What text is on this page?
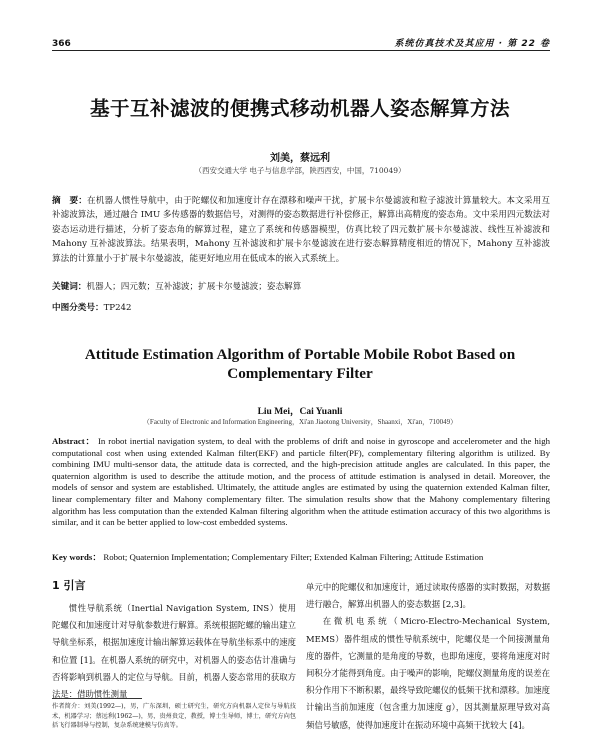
366	系统仿真技术及其应用 · 第 22 卷
基于互补滤波的便携式移动机器人姿态解算方法
刘美，蔡远利
（西安交通大学 电子与信息学部，陕西西安，中国，710049）
摘　要：在机器人惯性导航中，由于陀螺仪和加速度计存在漂移和噪声干扰，扩展卡尔曼滤波和粒子滤波计算量较大。本文采用互补滤波算法，通过融合 IMU 多传感器的数据信号，对测得的姿态数据进行补偿修正，解算出高精度的姿态角。文中采用四元数法对姿态运动进行描述，分析了姿态角的解算过程，建立了系统和传感器模型，仿真比较了四元数扩展卡尔曼滤波、线性互补滤波和 Mahony 互补滤波算法。结果表明，Mahony 互补滤波和扩展卡尔曼滤波在进行姿态解算精度相近的情况下，Mahony 互补滤波算法的计算量小于扩展卡尔曼滤波，能更好地应用在低成本的嵌入式系统上。
关键词：机器人；四元数；互补滤波；扩展卡尔曼滤波；姿态解算
中图分类号：TP242
Attitude Estimation Algorithm of Portable Mobile Robot Based on Complementary Filter
Liu Mei，Cai Yuanli
（Faculty of Electronic and Information Engineering，Xi'an Jiaotong University，Shaanxi，Xi'an，710049）
Abstract： In robot inertial navigation system, to deal with the problems of drift and noise in gyroscope and accelerometer and the high computational cost when using extended Kalman filter(EKF) and particle filter(PF), complementary filtering algorithm is utilized. By combining IMU multi-sensor data, the attitude data is corrected, and the high-precision attitude angles are calculated. In this paper, the quaternion algorithm is used to describe the attitude motion, and the process of attitude estimation is analysed in detail. Moreover, the models of sensor and system are established. Ultimately, the attitude angles are estimated by using the quaternion extended Kalman filter, linear complementary filter and Mahony complementary filter. The simulation results show that the Mahony complementary filtering algorithm has less computation than the extended Kalman filtering algorithm when the attitude estimation accuracy of this two algorithms is similar, and it can be better applied to low-cost embedded systems.
Key words： Robot; Quaternion Implementation; Complementary Filter; Extended Kalman Filtering; Attitude Estimation
1 引言

惯性导航系统（Inertial Navigation System, INS）使用陀螺仪和加速度计对导航参数进行解算。系统根据陀螺的输出建立导航坐标系，根据加速度计输出解算运载体在导航坐标系中的速度和位置 [1]。在机器人系统的研究中，对机器人的姿态估计准确与否将影响到机器人的定位与导航。目前，机器人姿态常用的获取方法是：借助惯性测量

单元中的陀螺仪和加速度计，通过读取传感器的实时数据，对数据进行融合，解算出机器人的姿态数据 [2,3]。

在微机电系统（Micro-Electro-Mechanical System, MEMS）器件组成的惯性导航系统中，陀螺仪是一个间接测量角度的器件，它测量的是角度的导数，也即角速度，要将角速度对时间积分才能得到角度。由于噪声的影响，陀螺仪测量角度的误差在积分作用下不断积累，最终导致陀螺仪的低频干扰和漂移。加速度计输出当前加速度（包含重力加速度 g），因其测量原理导致对高频信号敏感，使得加速度计在振动环境中高频干扰较大 [4]。

作者简介：刘美(1992—)，男，广东深圳，硕士研究生，研究方向机器人定位与导航技术，机器学习；蔡远利(1962—)，男，贵州贵定，教授，博士生导师，博士，研究方向包括飞行器制导与控制，复杂系统建模与仿真等。
